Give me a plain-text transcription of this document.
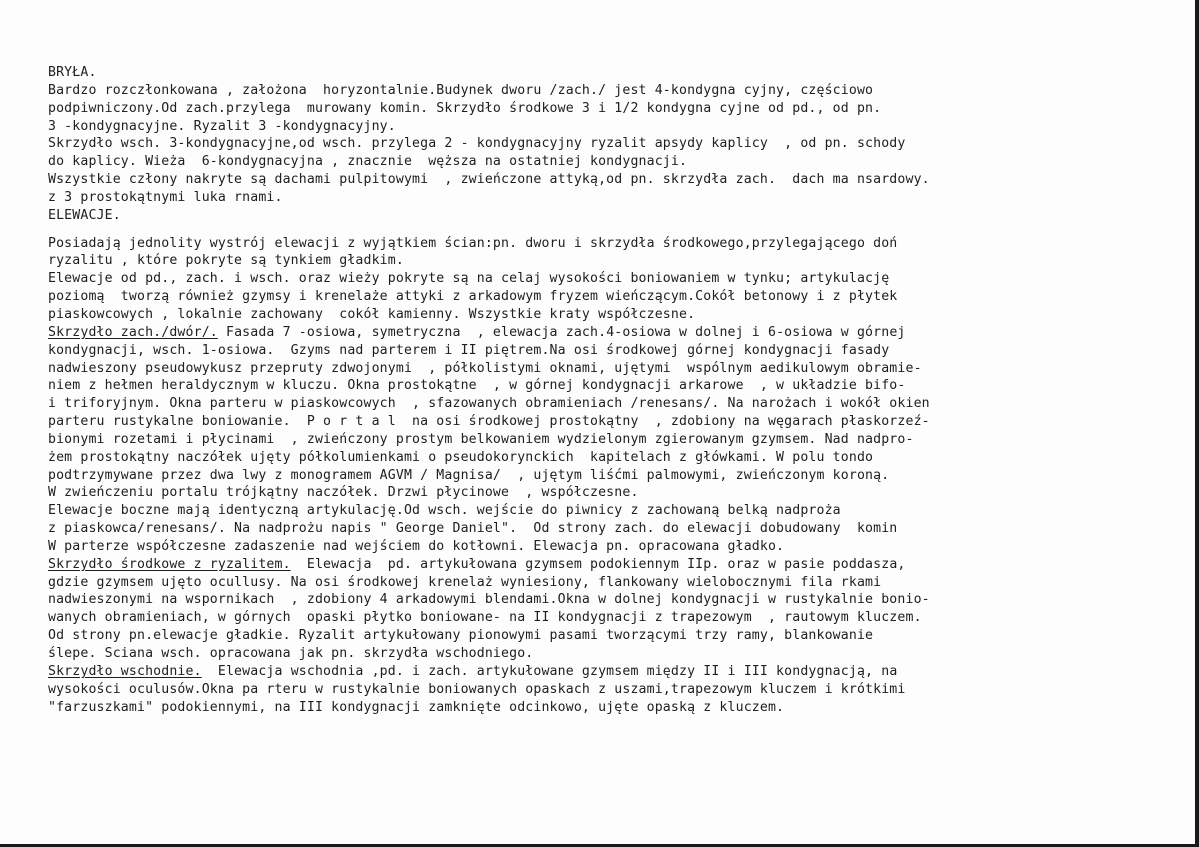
BRYŁA.
Bardzo rozczłonkowana , założona  horyzontalnie.Budynek dworu /zach./ jest 4-kondygna cyjny, częściowo
podpiwniczony.Od zach.przylega  murowany komin. Skrzydło środkowe 3 i 1/2 kondygna cyjne od pd., od pn.
3 -kondygnacyjne. Ryzalit 3 -kondygnacyjny.
Skrzydło wsch. 3-kondygnacyjne,od wsch. przylega 2 - kondygnacyjny ryzalit apsydy kaplicy  , od pn. schody
do kaplicy. Wieża  6-kondygnacyjna , znacznie  węższa na ostatniej kondygnacji.
Wszystkie człony nakryte są dachami pulpitowymi  , zwieńczone attyką,od pn. skrzydła zach.  dach ma nsardowy.
z 3 prostokątnymi luka rnami.
ELEWACJE.
Posiadają jednolity wystrój elewacji z wyjątkiem ścian:pn. dworu i skrzydła środkowego,przylegającego doń
ryzalitu , które pokryte są tynkiem gładkim.
Elewacje od pd., zach. i wsch. oraz wieży pokryte są na celaj wysokości boniowaniem w tynku; artykulację
poziomą  tworzą również gzymsy i krenelaże attyki z arkadowym fryzem wieńczącym.Cokół betonowy i z płytek
piaskowcowych , lokalnie zachowany  cokół kamienny. Wszystkie kraty współczesne.
Skrzydło zach./dwór/. Fasada 7 -osiowa, symetryczna  , elewacja zach.4-osiowa w dolnej i 6-osiowa w górnej
kondygnacji, wsch. 1-osiowa.  Gzyms nad parterem i II piętrem.Na osi środkowej górnej kondygnacji fasady
nadwieszony pseudowykusz przepruty zdwojonymi  , półkolistymi oknami, ujętymi  wspólnym aedikulowym obramie-
niem z hełmen heraldycznym w kluczu. Okna prostokątne  , w górnej kondygnacji arkarowe  , w układzie bifo-
i triforyjnym. Okna parteru w piaskowcowych  , sfazowanych obramieniach /renesans/. Na narożach i wokół okien
parteru rustykalne boniowanie.  P o r t a l  na osi środkowej prostokątny  , zdobiony na węgarach płaskorzeź-
bionymi rozetami i płycinami  , zwieńczony prostym belkowaniem wydzielonym zgierowanym gzymsem. Nad nadpro-
żem prostokątny naczółek ujęty półkolumienkami o pseudokorynckich  kapitelach z główkami. W polu tondo
podtrzymywane przez dwa lwy z monogramem AGVM / Magnisa/  , ujętym liśćmi palmowymi, zwieńczonym koroną.
W zwieńczeniu portalu trójkątny naczółek. Drzwi płycinowe  , współczesne.
Elewacje boczne mają identyczną artykulację.Od wsch. wejście do piwnicy z zachowaną belką nadproża
z piaskowca/renesans/. Na nadprożu napis " George Daniel".  Od strony zach. do elewacji dobudowany  komin
W parterze współczesne zadaszenie nad wejściem do kotłowni. Elewacja pn. opracowana gładko.
Skrzydło środkowe z ryzalitem.  Elewacja  pd. artykułowana gzymsem podokiennym IIp. oraz w pasie poddasza,
gdzie gzymsem ujęto ocullusy. Na osi środkowej krenelaż wyniesiony, flankowany wielobocznymi fila rkami
nadwieszonymi na wspornikach  , zdobiony 4 arkadowymi blendami.Okna w dolnej kondygnacji w rustykalnie bonio-
wanych obramieniach, w górnych  opaski płytko boniowane- na II kondygnacji z trapezowym  , rautowym kluczem.
Od strony pn.elewacje gładkie. Ryzalit artykułowany pionowymi pasami tworzącymi trzy ramy, blankowanie
ślepe. Sciana wsch. opracowana jak pn. skrzydła wschodniego.
Skrzydło wschodnie.  Elewacja wschodnia ,pd. i zach. artykułowane gzymsem między II i III kondygnacją, na
wysokości oculusów.Okna pa rteru w rustykalnie boniowanych opaskach z uszami,trapezowym kluczem i krótkimi
"farzuszkami" podokiennymi, na III kondygnacji zamknięte odcinkowo, ujęte opaską z kluczem.
